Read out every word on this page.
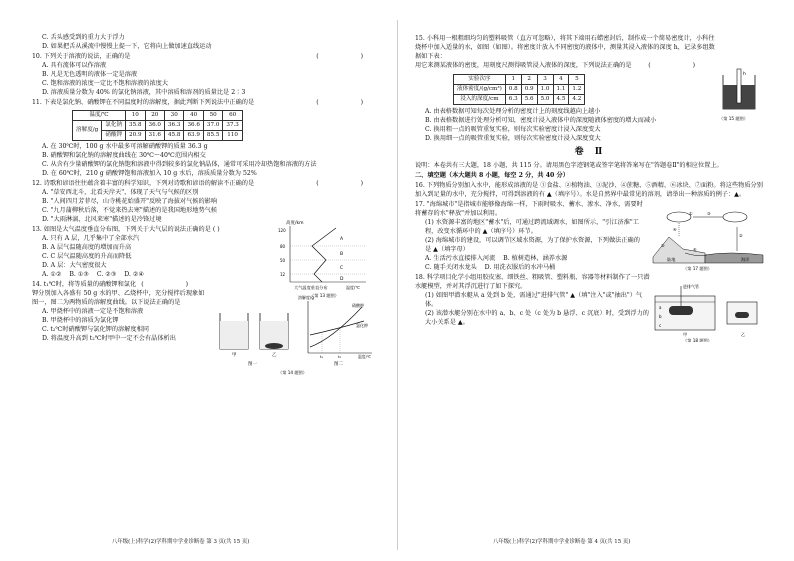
C. 舌头感受到的重力大于浮力

D. 如果把舌从溪流中慢慢上提一下，它将向上做加速直线运动

( )
10. 下列关于溶液的说法，正确的是

A. 具有流体可以作溶液

B. 凡是无色透明的液体一定是溶液

C. 饱和溶液的浓度一定比不饱和溶液的浓度大

D. 溶液质量分数为 40% 的氯化钠溶液，其中溶质和溶剂的质量比是 2∶3

( )
11. 下表是氯化钠、硝酸钾在不同温度时的溶解度，据此判断下列说法中正确的是

温度/℃		10	20	30	40	50	60
溶解度/g	氯化钠	35.8	36.0	36.3	36.6	37.0	37.3
	硝酸钾	20.9	31.6	45.8	63.9	85.5	110

A. 在 30℃时，100 g 水中最多可溶解硝酸钾的质量 36.3 g

B. 硝酸钾和氯化钠的溶解度曲线在 30℃～40℃范围内相交

C. 从含有少量硝酸钾的氯化钠饱和溶液中得到较多的氯化钠晶体，通常可采用冷却热饱和溶液的方法

D. 在 60℃时，210 g 硝酸钾饱和溶液加入 10 g 水后，溶质质量分数为 52%

( )
12. 诗歌和谚语往往蕴含着丰富的科学知识，下列对诗歌和谚语的解读不正确的是

A. "草安西北斗，北看天岸天"，体现了天气与气候的区别

B. "人间四月芳菲尽，山寺桃花始盛开"反映了海拔对气候的影响

C. "九月蒲柳秋后落，不觉来热去寒"描述的是我国地形地势气候

D. "大雨淋漓，北风来寒"描述的是冷锋过境

13. 如图是大气温度垂直分布图，下列关于大气层的说法正确的是 ( )

A. 只有 A 层，几乎集中了全部水汽

B. A 层气温随高度的增加而升高

C. C 层气温随高度的升高而降低

D. A 层：大气密度很大

A. ①② B. ①③ C. ②③ D. ②④

高度/km
120
80
50
12
A
B
C
D
大气温度垂直分布	温度/℃
（第 13 题图）

( )
14. t₁℃时，将等质量的硝酸钾和氯化钾分别加入各盛有 50 g 水的甲、乙烧杯中，充分搅拌后现象如图一，图二为两物质的溶解度曲线。以下说法正确的是

A. 甲烧杯中的溶液一定是不饱和溶液

B. 甲烧杯中的溶质为氯化钾

C. t₂℃时硝酸钾与氯化钾的溶解度相同

D. 将温度升高到 t₂℃时甲中一定不会有晶体析出

甲	乙
图一
溶解度/g
硝酸钾
氯化钾
t₁	t₂	温度/℃
图二
（第 14 题图）
八年级(上)科学(2)学科期中学业诊断卷 第 3 页(共 15 页)

15. 小科用一根粗细均匀的塑料吸管（直方可忽略），将其下端用石蜡密封后，制作成一个简易密度计，小科往烧杯中加入适量的水，如图（如图）。将密度计放入不同密度的液体中，测量其浸入液体的深度 h，记录多组数据如下表：

( )
用它来测某液体的密度，用刻度尺测得吸管浸入液体的深度，下列说法正确的是

实验次序	1	2	3	4	5
液体密度/(g/cm³)	0.8	0.9	1.0	1.1	1.2
浸入的深度/cm	6.3	5.6	5.0	4.5	4.2
h
（第 15 题图）

A. 由表格数据可知每次处理分析的密度计上的刻度线越向上越小

B. 由表格数据进行处理分析可知，密度计浸入液体中的深度随液体密度的增大而减小

C. 换用粗一点的吸管重复实验，则每次实验密度计浸入深度变大

D. 换用细一点的吸管重复实验，则每次实验密度计浸入深度变大

卷 Ⅱ

说明：本卷共有三大题，18 小题，共 115 分。请用黑色字迹钢笔或签字笔将答案写在"答题卷Ⅱ"的相应位置上。

二、填空题（本大题共 8 小题，每空 2 分，共 40 分）

16. 下列物质分别加入水中，能形成溶液的是 ①食盐、②植物油、③泥沙、④蔗糖、⑤酒精、⑥冰块、⑦面粉。将这些物质分别加入到足量的水中，充分搅拌，可得到溶液的有 ▲（填序号）。水是自然界中最常见的溶剂，请举出一种溶质的例子：▲。

17. "海绵城市"是指城市能够像海绵一样，下雨时吸水、蓄水、渗水、净水，需要时将蓄存的水"释放"并加以利用。

(1) 水资源丰富的地区"蓄水"后，可通过跨流域调水，如图所示，"引江济淮"工程，改变水循环中的 ▲（填序号）环节。

(2) 海绵城市的建设，可以调节区域水资源，为了保护水资源，下列做法正确的是 ▲（填字母）

A. 生活污水直接排入河流 B. 植树造林，涵养水源

C. 随手关闭水龙头 D. 用洗衣服后的水冲马桶

①
②
③
④
⑤
⑥
陆地	海洋
（第 17 题图）

18. 科学项目化学小组用胶皮塞、细铁丝、粗吸管、塑料瓶、容器等材料制作了一只潜水艇模型，并对其浮沉进行了如下探究。

(1) 如图甲潜水艇从 a 处到 b 处，需通过"进排气管" ▲（填"注入"或"抽出"）气体。

(2) 该潜水艇分别在水中的 a、b、c 处（c 处为 b 悬浮、c 沉底）时，受到浮力的大小关系是 ▲。

进排气管
a
b
c
甲	乙
（第 18 题图）
八年级(上)科学(2)学科期中学业诊断卷 第 4 页(共 15 页)
